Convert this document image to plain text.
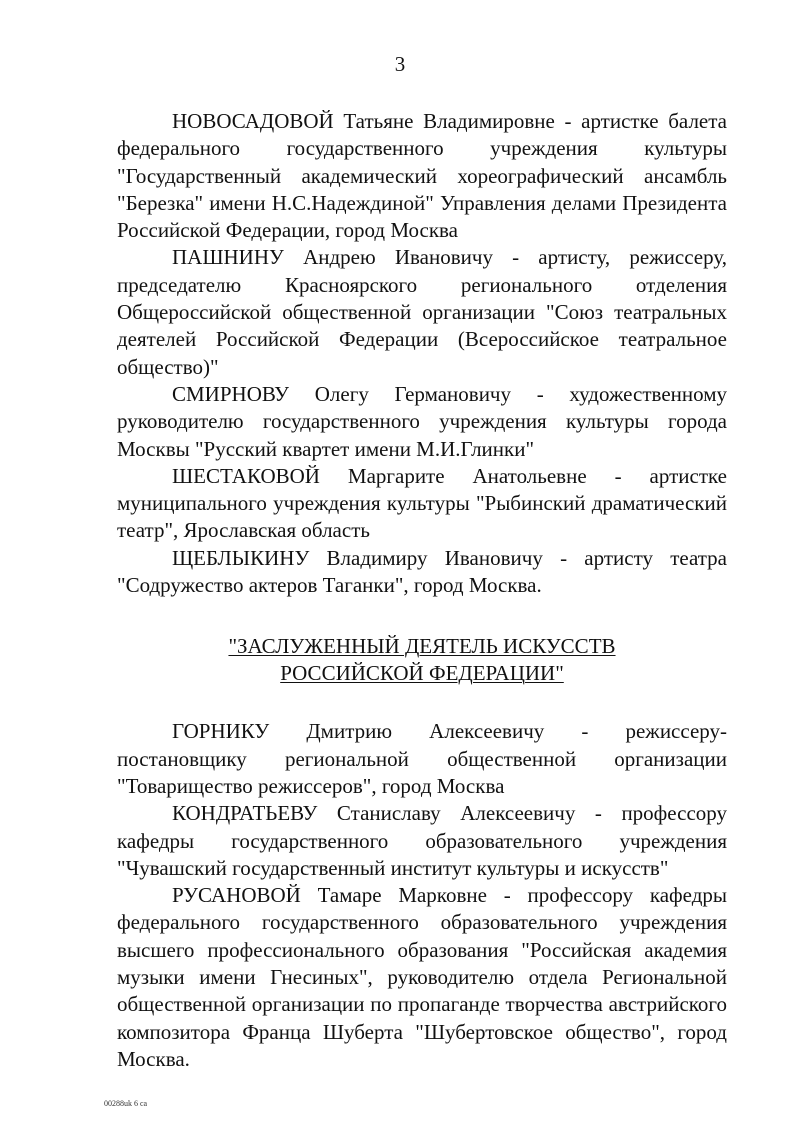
3

НОВОСАДОВОЙ Татьяне Владимировне - артистке балета федерального государственного учреждения культуры "Государственный академический хореографический ансамбль "Березка" имени Н.С.Надеждиной" Управления делами Президента Российской Федерации, город Москва

ПАШНИНУ Андрею Ивановичу - артисту, режиссеру, председателю Красноярского регионального отделения Общероссийской общественной организации "Союз театральных деятелей Российской Федерации (Всероссийское театральное общество)"

СМИРНОВУ Олегу Германовичу - художественному руководителю государственного учреждения культуры города Москвы "Русский квартет имени М.И.Глинки"

ШЕСТАКОВОЙ Маргарите Анатольевне - артистке муниципального учреждения культуры "Рыбинский драматический театр", Ярославская область

ЩЕБЛЫКИНУ Владимиру Ивановичу - артисту театра "Содружество актеров Таганки", город Москва.

"ЗАСЛУЖЕННЫЙ ДЕЯТЕЛЬ ИСКУССТВ
РОССИЙСКОЙ ФЕДЕРАЦИИ"

ГОРНИКУ Дмитрию Алексеевичу - режиссеру-постановщику региональной общественной организации "Товарищество режиссеров", город Москва

КОНДРАТЬЕВУ Станиславу Алексеевичу - профессору кафедры государственного образовательного учреждения "Чувашский государственный институт культуры и искусств"

РУСАНОВОЙ Тамаре Марковне - профессору кафедры федерального государственного образовательного учреждения высшего профессионального образования "Российская академия музыки имени Гнесиных", руководителю отдела Региональной общественной организации по пропаганде творчества австрийского композитора Франца Шуберта "Шубертовское общество", город Москва.

00288uk 6 ca
